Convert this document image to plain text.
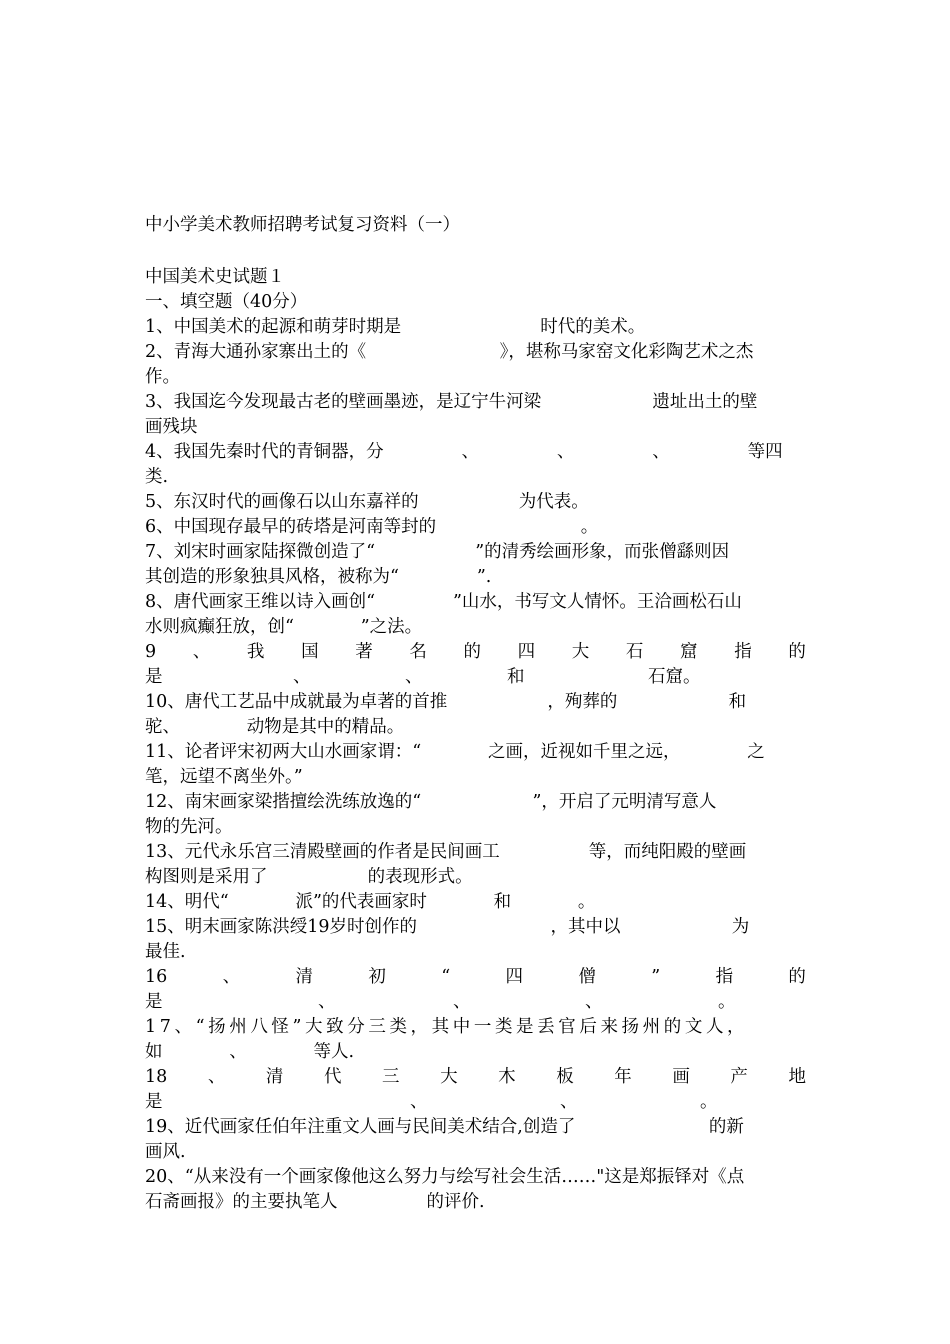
中小学美术教师招聘考试复习资料（一）

中国美术史试题１

一、填空题（40分）

1、中国美术的起源和萌芽时期是                         时代的美术。

2、青海大通孙家寨出土的《                        》，堪称马家窑文化彩陶艺术之杰

作。

3、我国迄今发现最古老的壁画墨迹，是辽宁牛河梁                    遗址出土的壁

画残块

4、我国先秦时代的青铜器，分              、              、              、              等四

类.

5、东汉时代的画像石以山东嘉祥的                  为代表。

6、中国现存最早的砖塔是河南等封的                          。

7、刘宋时画家陆探微创造了“                  ”的清秀绘画形象，而张僧繇则因

其创造的形象独具风格，被称为“              ”.

8、唐代画家王维以诗入画创“              ”山水，书写文人情怀。王洽画松石山

水则疯癫狂放，创“            ”之法。

9 、 我 国 著 名 的 四 大 石 窟 指 的
是	、	、	和	石窟。

10、唐代工艺品中成就最为卓著的首推                  ，殉葬的                    和

驼、            动物是其中的精品。

11、论者评宋初两大山水画家谓：“            之画，近视如千里之远，            之

笔，远望不离坐外。”

12、南宋画家梁揩擅绘洗练放逸的“                    ”，开启了元明清写意人

物的先河。

13、元代永乐宫三清殿壁画的作者是民间画工                等，而纯阳殿的壁画

构图则是采用了                  的表现形式。

14、明代“            派”的代表画家时            和            。

15、明末画家陈洪绶19岁时创作的                        ，其中以                    为

最佳.

16	、	清	初	“	四	僧	”	指	的
是	、	、	、	。

17、“扬州八怪”大致分三类，其中一类是丢官后来扬州的文人，

如            、            等人.

18 、 清 代 三 大 木 板 年 画 产 地
是	、	、	。

19、近代画家任伯年注重文人画与民间美术结合,创造了                        的新

画风.

20、“从来没有一个画家像他这么努力与绘写社会生活……"这是郑振铎对《点

石斋画报》的主要执笔人                的评价.
